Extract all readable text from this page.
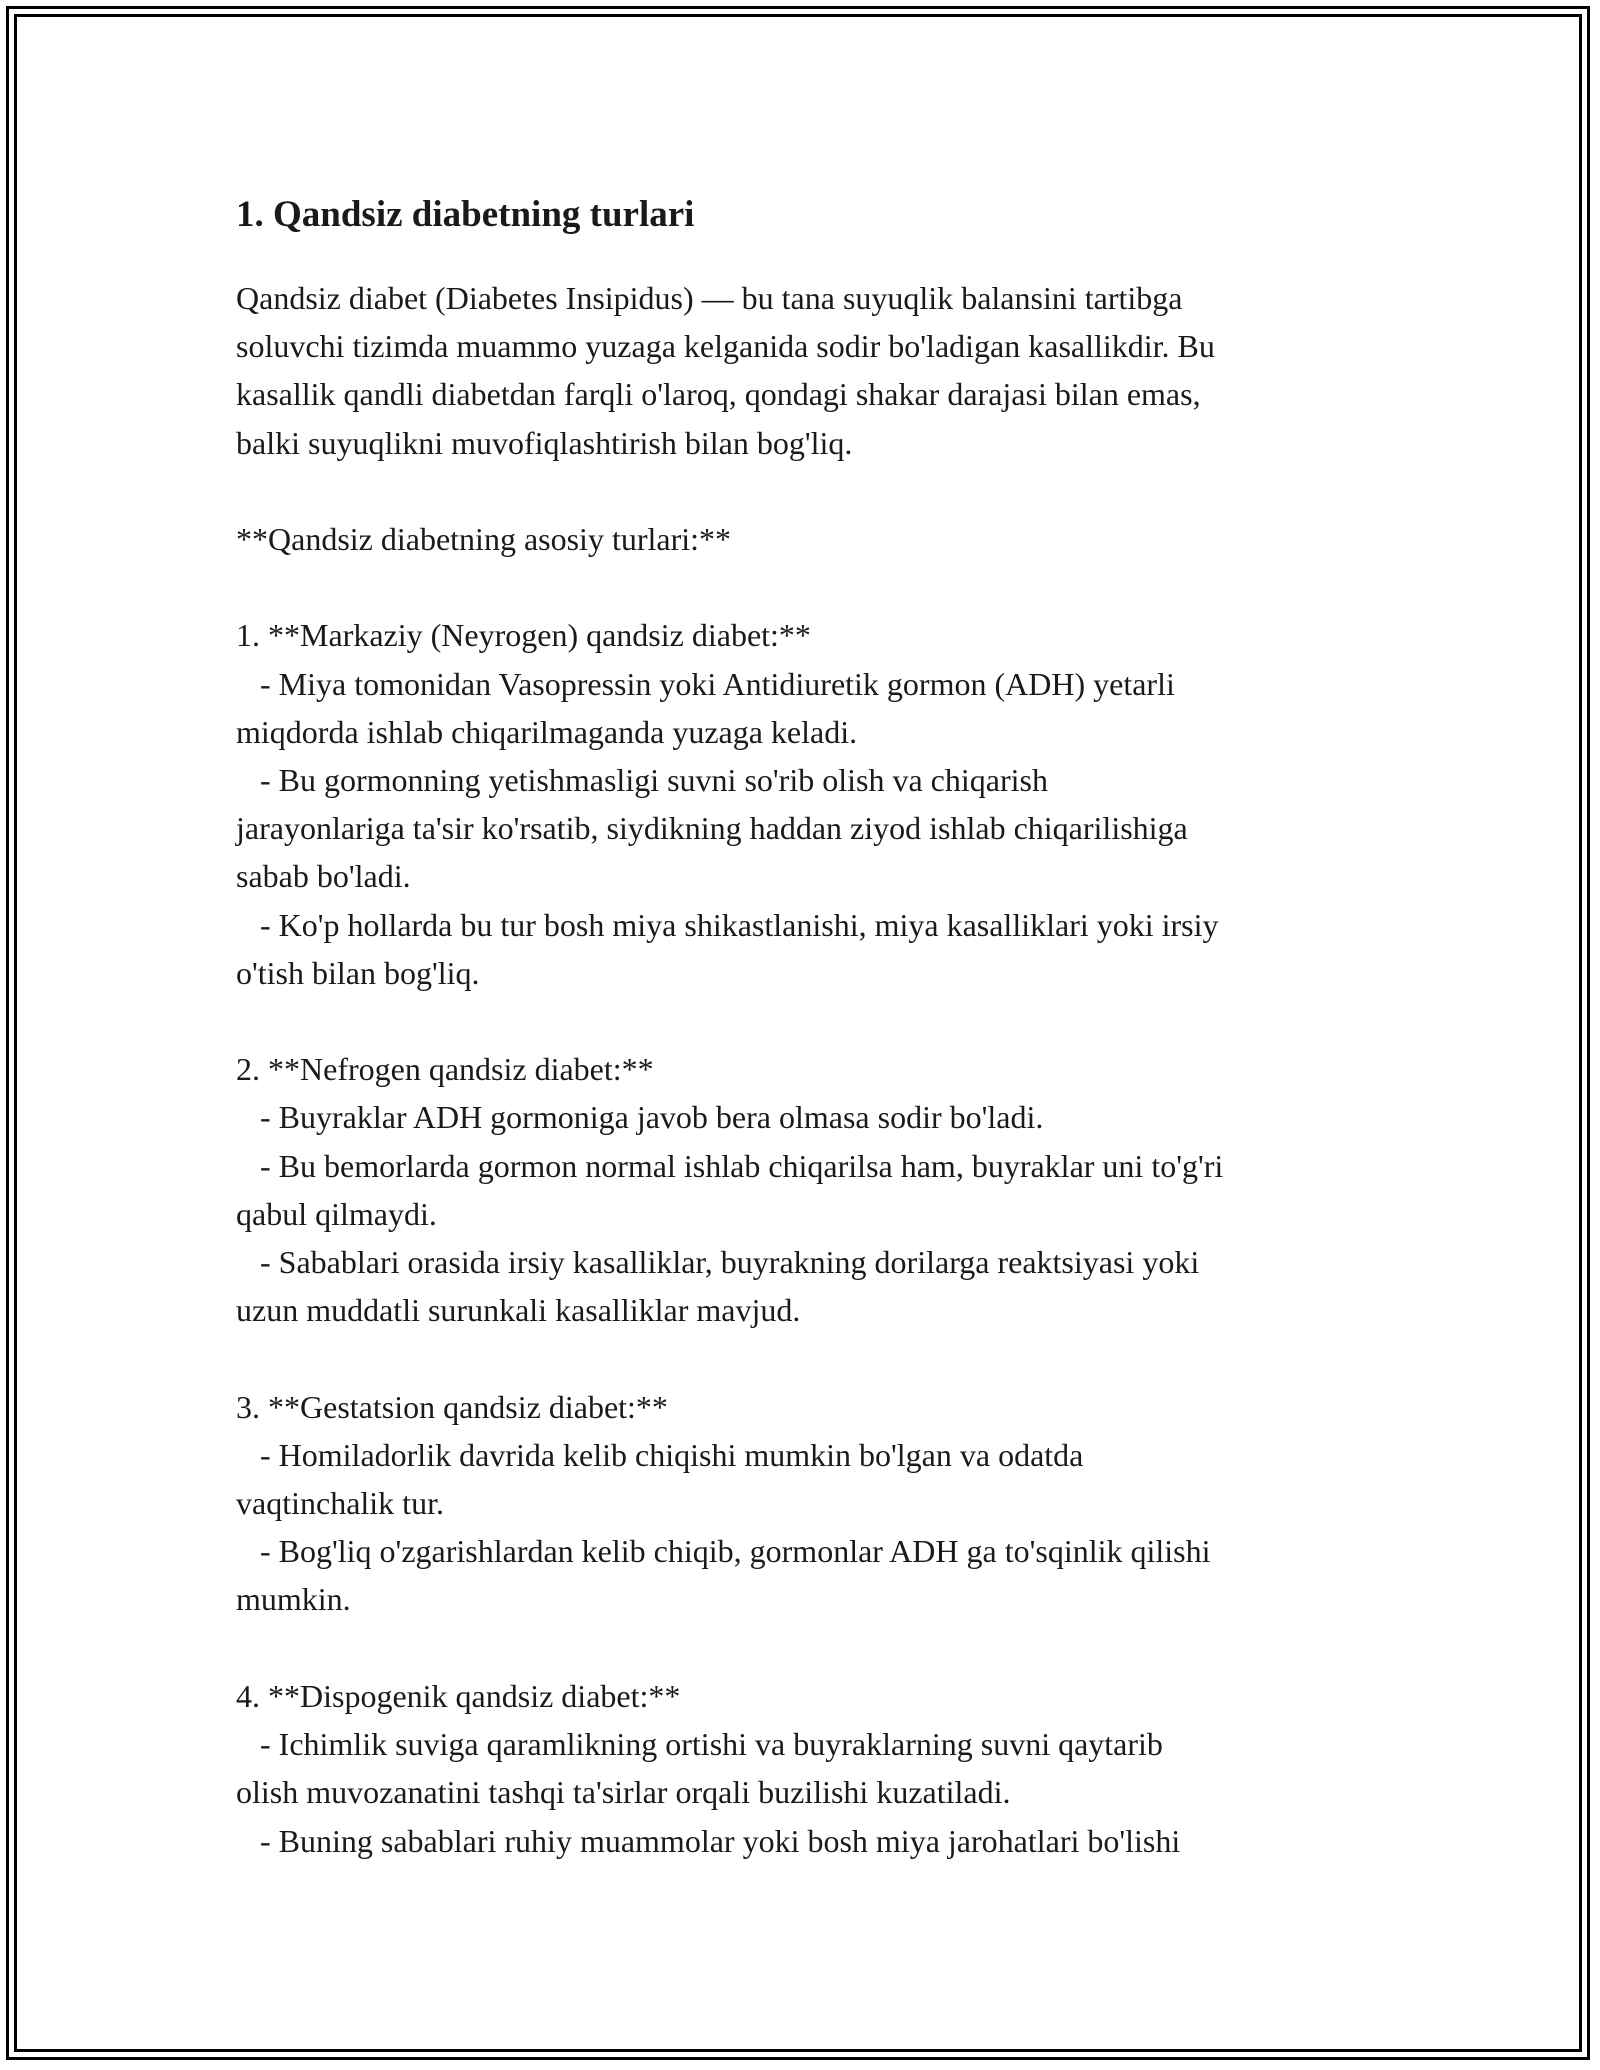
1. Qandsiz diabetning turlari

Qandsiz diabet (Diabetes Insipidus) — bu tana suyuqlik balansini tartibga
soluvchi tizimda muammo yuzaga kelganida sodir bo'ladigan kasallikdir. Bu
kasallik qandli diabetdan farqli o'laroq, qondagi shakar darajasi bilan emas,
balki suyuqlikni muvofiqlashtirish bilan bog'liq.

**Qandsiz diabetning asosiy turlari:**

1. **Markaziy (Neyrogen) qandsiz diabet:**
- Miya tomonidan Vasopressin yoki Antidiuretik gormon (ADH) yetarli
miqdorda ishlab chiqarilmaganda yuzaga keladi.
- Bu gormonning yetishmasligi suvni so'rib olish va chiqarish
jarayonlariga ta'sir ko'rsatib, siydikning haddan ziyod ishlab chiqarilishiga
sabab bo'ladi.
- Ko'p hollarda bu tur bosh miya shikastlanishi, miya kasalliklari yoki irsiy
o'tish bilan bog'liq.

2. **Nefrogen qandsiz diabet:**
- Buyraklar ADH gormoniga javob bera olmasa sodir bo'ladi.
- Bu bemorlarda gormon normal ishlab chiqarilsa ham, buyraklar uni to'g'ri
qabul qilmaydi.
- Sabablari orasida irsiy kasalliklar, buyrakning dorilarga reaktsiyasi yoki
uzun muddatli surunkali kasalliklar mavjud.

3. **Gestatsion qandsiz diabet:**
- Homiladorlik davrida kelib chiqishi mumkin bo'lgan va odatda
vaqtinchalik tur.
- Bog'liq o'zgarishlardan kelib chiqib, gormonlar ADH ga to'sqinlik qilishi
mumkin.

4. **Dispogenik qandsiz diabet:**
- Ichimlik suviga qaramlikning ortishi va buyraklarning suvni qaytarib
olish muvozanatini tashqi ta'sirlar orqali buzilishi kuzatiladi.
- Buning sabablari ruhiy muammolar yoki bosh miya jarohatlari bo'lishi
